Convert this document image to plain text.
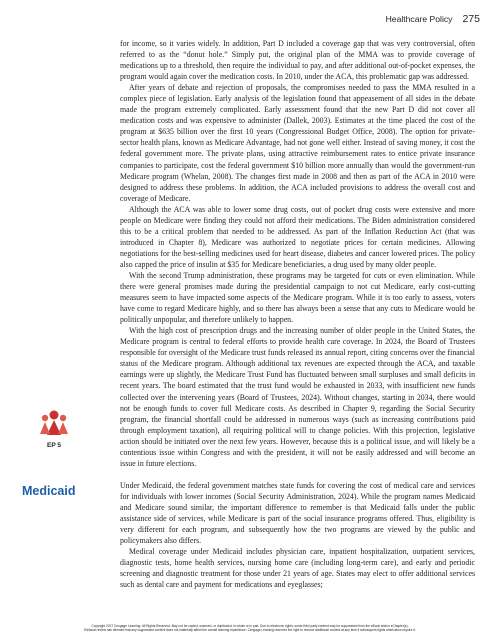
Healthcare Policy 275
EP 5
Medicaid

for income, so it varies widely. In addition, Part D included a coverage gap that was very controversial, often referred to as the “donut hole.” Simply put, the original plan of the MMA was to provide coverage of medications up to a threshold, then require the individual to pay, and after additional out-of-pocket expenses, the program would again cover the medication costs. In 2010, under the ACA, this problematic gap was addressed.

After years of debate and rejection of proposals, the compromises needed to pass the MMA resulted in a complex piece of legislation. Early analysis of the legislation found that appeasement of all sides in the debate made the program extremely complicated. Early assessment found that the new Part D did not cover all medication costs and was expensive to administer (Dallek, 2003). Estimates at the time placed the cost of the program at $635 billion over the first 10 years (Congressional Budget Office, 2008). The option for private-sector health plans, known as Medicare Advantage, had not gone well either. Instead of saving money, it cost the federal government more. The private plans, using attractive reimbursement rates to entice private insurance companies to participate, cost the federal government $10 billion more annually than would the government-run Medicare program (Whelan, 2008). The changes first made in 2008 and then as part of the ACA in 2010 were designed to address these problems. In addition, the ACA included provisions to address the overall cost and coverage of Medicare.

Although the ACA was able to lower some drug costs, out of pocket drug costs were extensive and more people on Medicare were finding they could not afford their medications. The Biden administration considered this to be a critical problem that needed to be addressed. As part of the Inflation Reduction Act (that was introduced in Chapter 8), Medicare was authorized to negotiate prices for certain medicines. Allowing negotiations for the best-selling medicines used for heart disease, diabetes and cancer lowered prices. The policy also capped the price of insulin at $35 for Medicare beneficiaries, a drug used by many older people.

With the second Trump administration, these programs may be targeted for cuts or even elimination. While there were general promises made during the presidential campaign to not cut Medicare, early cost-cutting measures seem to have impacted some aspects of the Medicare program. While it is too early to assess, voters have come to regard Medicare highly, and so there has always been a sense that any cuts to Medicare would be politically unpopular, and therefore unlikely to happen.

With the high cost of prescription drugs and the increasing number of older people in the United States, the Medicare program is central to federal efforts to provide health care coverage. In 2024, the Board of Trustees responsible for oversight of the Medicare trust funds released its annual report, citing concerns over the financial status of the Medicare program. Although additional tax revenues are expected through the ACA, and taxable earnings were up slightly, the Medicare Trust Fund has fluctuated between small surpluses and small deficits in recent years. The board estimated that the trust fund would be exhausted in 2033, with insufficient new funds collected over the intervening years (Board of Trustees, 2024). Without changes, starting in 2034, there would not be enough funds to cover full Medicare costs. As described in Chapter 9, regarding the Social Security program, the financial shortfall could be addressed in numerous ways (such as increasing contributions paid through employment taxation), all requiring political will to change policies. With this projection, legislative action should be initiated over the next few years. However, because this is a political issue, and will likely be a contentious issue within Congress and with the president, it will not be easily addressed and will become an issue in future elections.

Under Medicaid, the federal government matches state funds for covering the cost of medical care and services for individuals with lower incomes (Social Security Administration, 2024). While the program names Medicaid and Medicare sound similar, the important difference to remember is that Medicaid falls under the public assistance side of services, while Medicare is part of the social insurance programs offered. Thus, eligibility is very different for each program, and subsequently how the two programs are viewed by the public and policymakers also differs.

Medical coverage under Medicaid includes physician care, inpatient hospitalization, outpatient services, diagnostic tests, home health services, nursing home care (including long-term care), and early and periodic screening and diagnostic treatment for those under 21 years of age. States may elect to offer additional services such as dental care and payment for medications and eyeglasses;

Copyright 2027 Cengage Learning. All Rights Reserved. May not be copied, scanned, or duplicated, in whole or in part. Due to electronic rights, some third party content may be suppressed from the eBook and/or eChapter(s).
Editorial review has deemed that any suppressed content does not materially affect the overall learning experience. Cengage Learning reserves the right to remove additional content at any time if subsequent rights restrictions require it.
